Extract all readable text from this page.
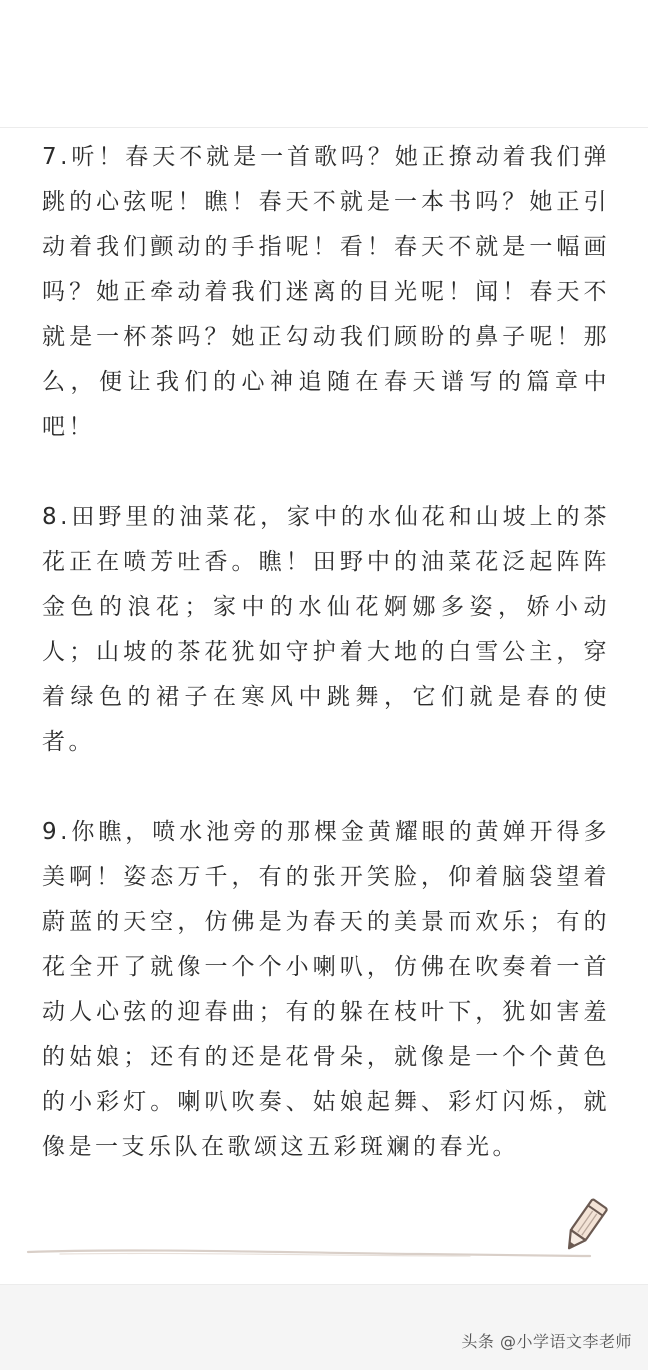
7.听！春天不就是一首歌吗？她正撩动着我们弹跳的心弦呢！瞧！春天不就是一本书吗？她正引动着我们颤动的手指呢！看！春天不就是一幅画吗？她正牵动着我们迷离的目光呢！闻！春天不就是一杯茶吗？她正勾动我们顾盼的鼻子呢！那么，便让我们的心神追随在春天谱写的篇章中吧！

8.田野里的油菜花，家中的水仙花和山坡上的茶花正在喷芳吐香。瞧！田野中的油菜花泛起阵阵金色的浪花；家中的水仙花婀娜多姿，娇小动人；山坡的茶花犹如守护着大地的白雪公主，穿着绿色的裙子在寒风中跳舞，它们就是春的使者。

9.你瞧，喷水池旁的那棵金黄耀眼的黄婵开得多美啊！姿态万千，有的张开笑脸，仰着脑袋望着蔚蓝的天空，仿佛是为春天的美景而欢乐；有的花全开了就像一个个小喇叭，仿佛在吹奏着一首动人心弦的迎春曲；有的躲在枝叶下，犹如害羞的姑娘；还有的还是花骨朵，就像是一个个黄色的小彩灯。喇叭吹奏、姑娘起舞、彩灯闪烁，就像是一支乐队在歌颂这五彩斑斓的春光。

头条 @小学语文李老师
